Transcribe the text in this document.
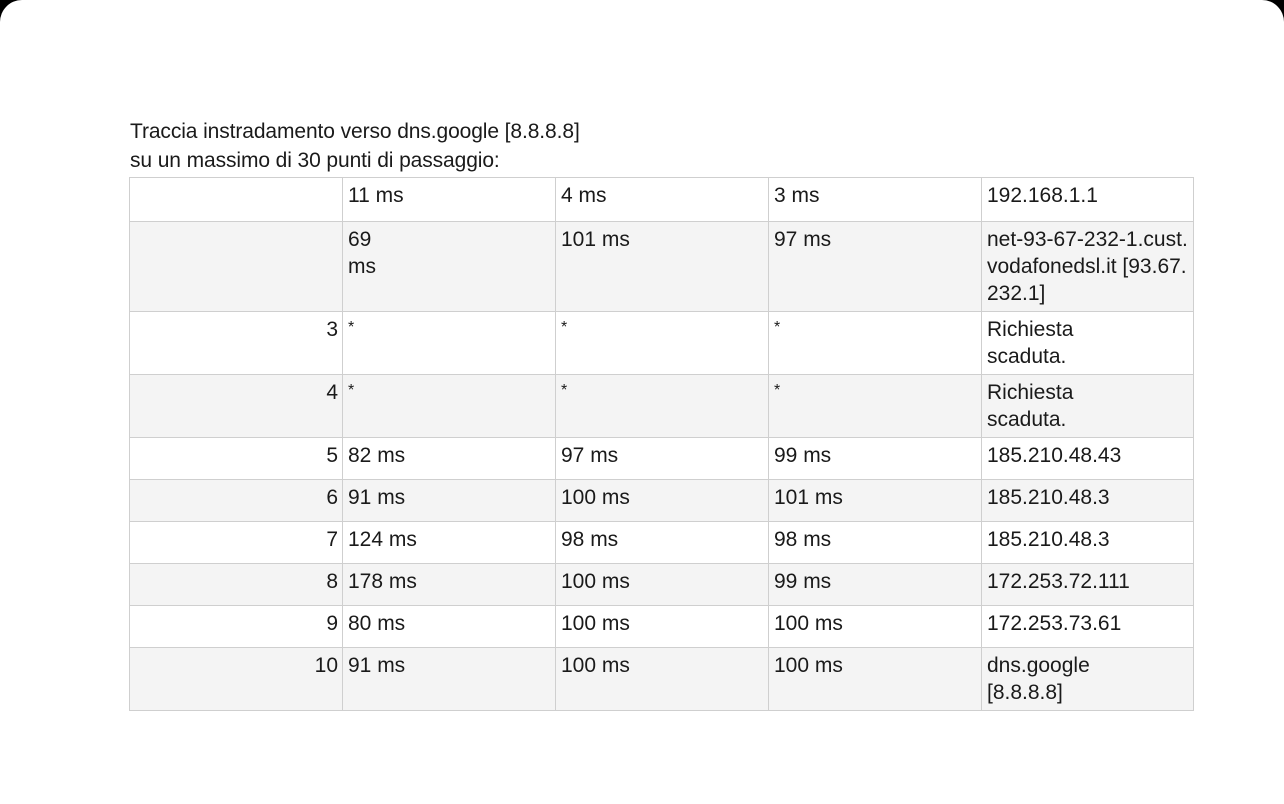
Traccia instradamento verso dns.google [8.8.8.8]
su un massimo di 30 punti di passaggio:
	11 ms	4 ms	3 ms	192.168.1.1
	69 ms	101 ms	97 ms	net-93-67-232-1.cust.vodafonedsl.it [93.67.232.1]
3	*	*	*	Richiesta scaduta.
4	*	*	*	Richiesta scaduta.
5	82 ms	97 ms	99 ms	185.210.48.43
6	91 ms	100 ms	101 ms	185.210.48.3
7	124 ms	98 ms	98 ms	185.210.48.3
8	178 ms	100 ms	99 ms	172.253.72.111
9	80 ms	100 ms	100 ms	172.253.73.61
10	91 ms	100 ms	100 ms	dns.google [8.8.8.8]
